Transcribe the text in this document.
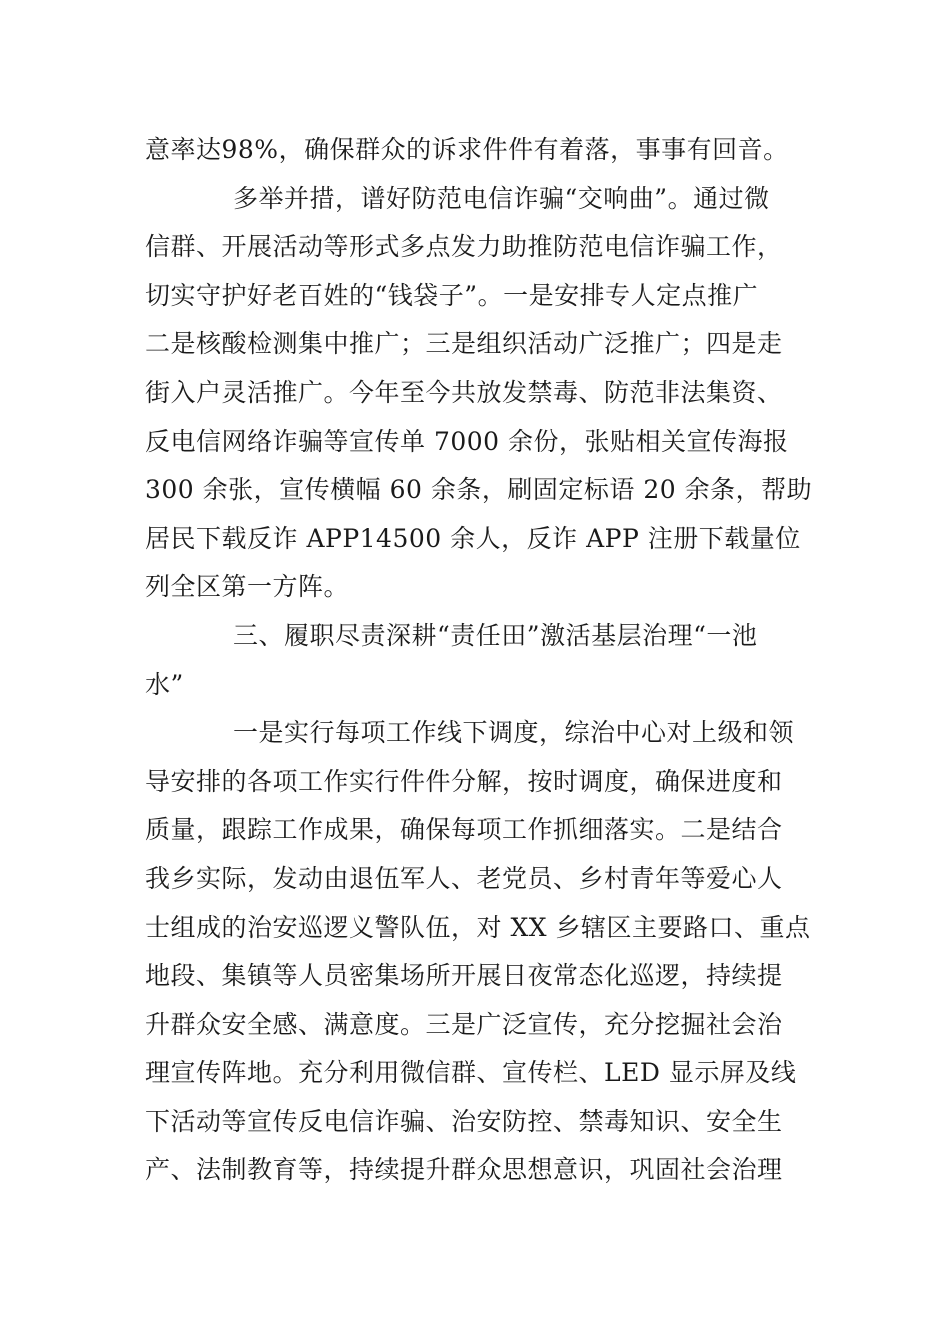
意率达98%，确保群众的诉求件件有着落，事事有回音。
多举并措，谱好防范电信诈骗“交响曲”。通过微
信群、开展活动等形式多点发力助推防范电信诈骗工作，
切实守护好老百姓的“钱袋子”。一是安排专人定点推广
二是核酸检测集中推广；三是组织活动广泛推广；四是走
街入户灵活推广。今年至今共放发禁毒、防范非法集资、
反电信网络诈骗等宣传单 7000 余份，张贴相关宣传海报
300 余张，宣传横幅 60 余条，刷固定标语 20 余条，帮助
居民下载反诈 APP14500 余人，反诈 APP 注册下载量位
列全区第一方阵。
三、履职尽责深耕“责任田”激活基层治理“一池
水”
一是实行每项工作线下调度，综治中心对上级和领
导安排的各项工作实行件件分解，按时调度，确保进度和
质量，跟踪工作成果，确保每项工作抓细落实。二是结合
我乡实际，发动由退伍军人、老党员、乡村青年等爱心人
士组成的治安巡逻义警队伍，对 XX 乡辖区主要路口、重点
地段、集镇等人员密集场所开展日夜常态化巡逻，持续提
升群众安全感、满意度。三是广泛宣传，充分挖掘社会治
理宣传阵地。充分利用微信群、宣传栏、LED 显示屏及线
下活动等宣传反电信诈骗、治安防控、禁毒知识、安全生
产、法制教育等，持续提升群众思想意识，巩固社会治理
